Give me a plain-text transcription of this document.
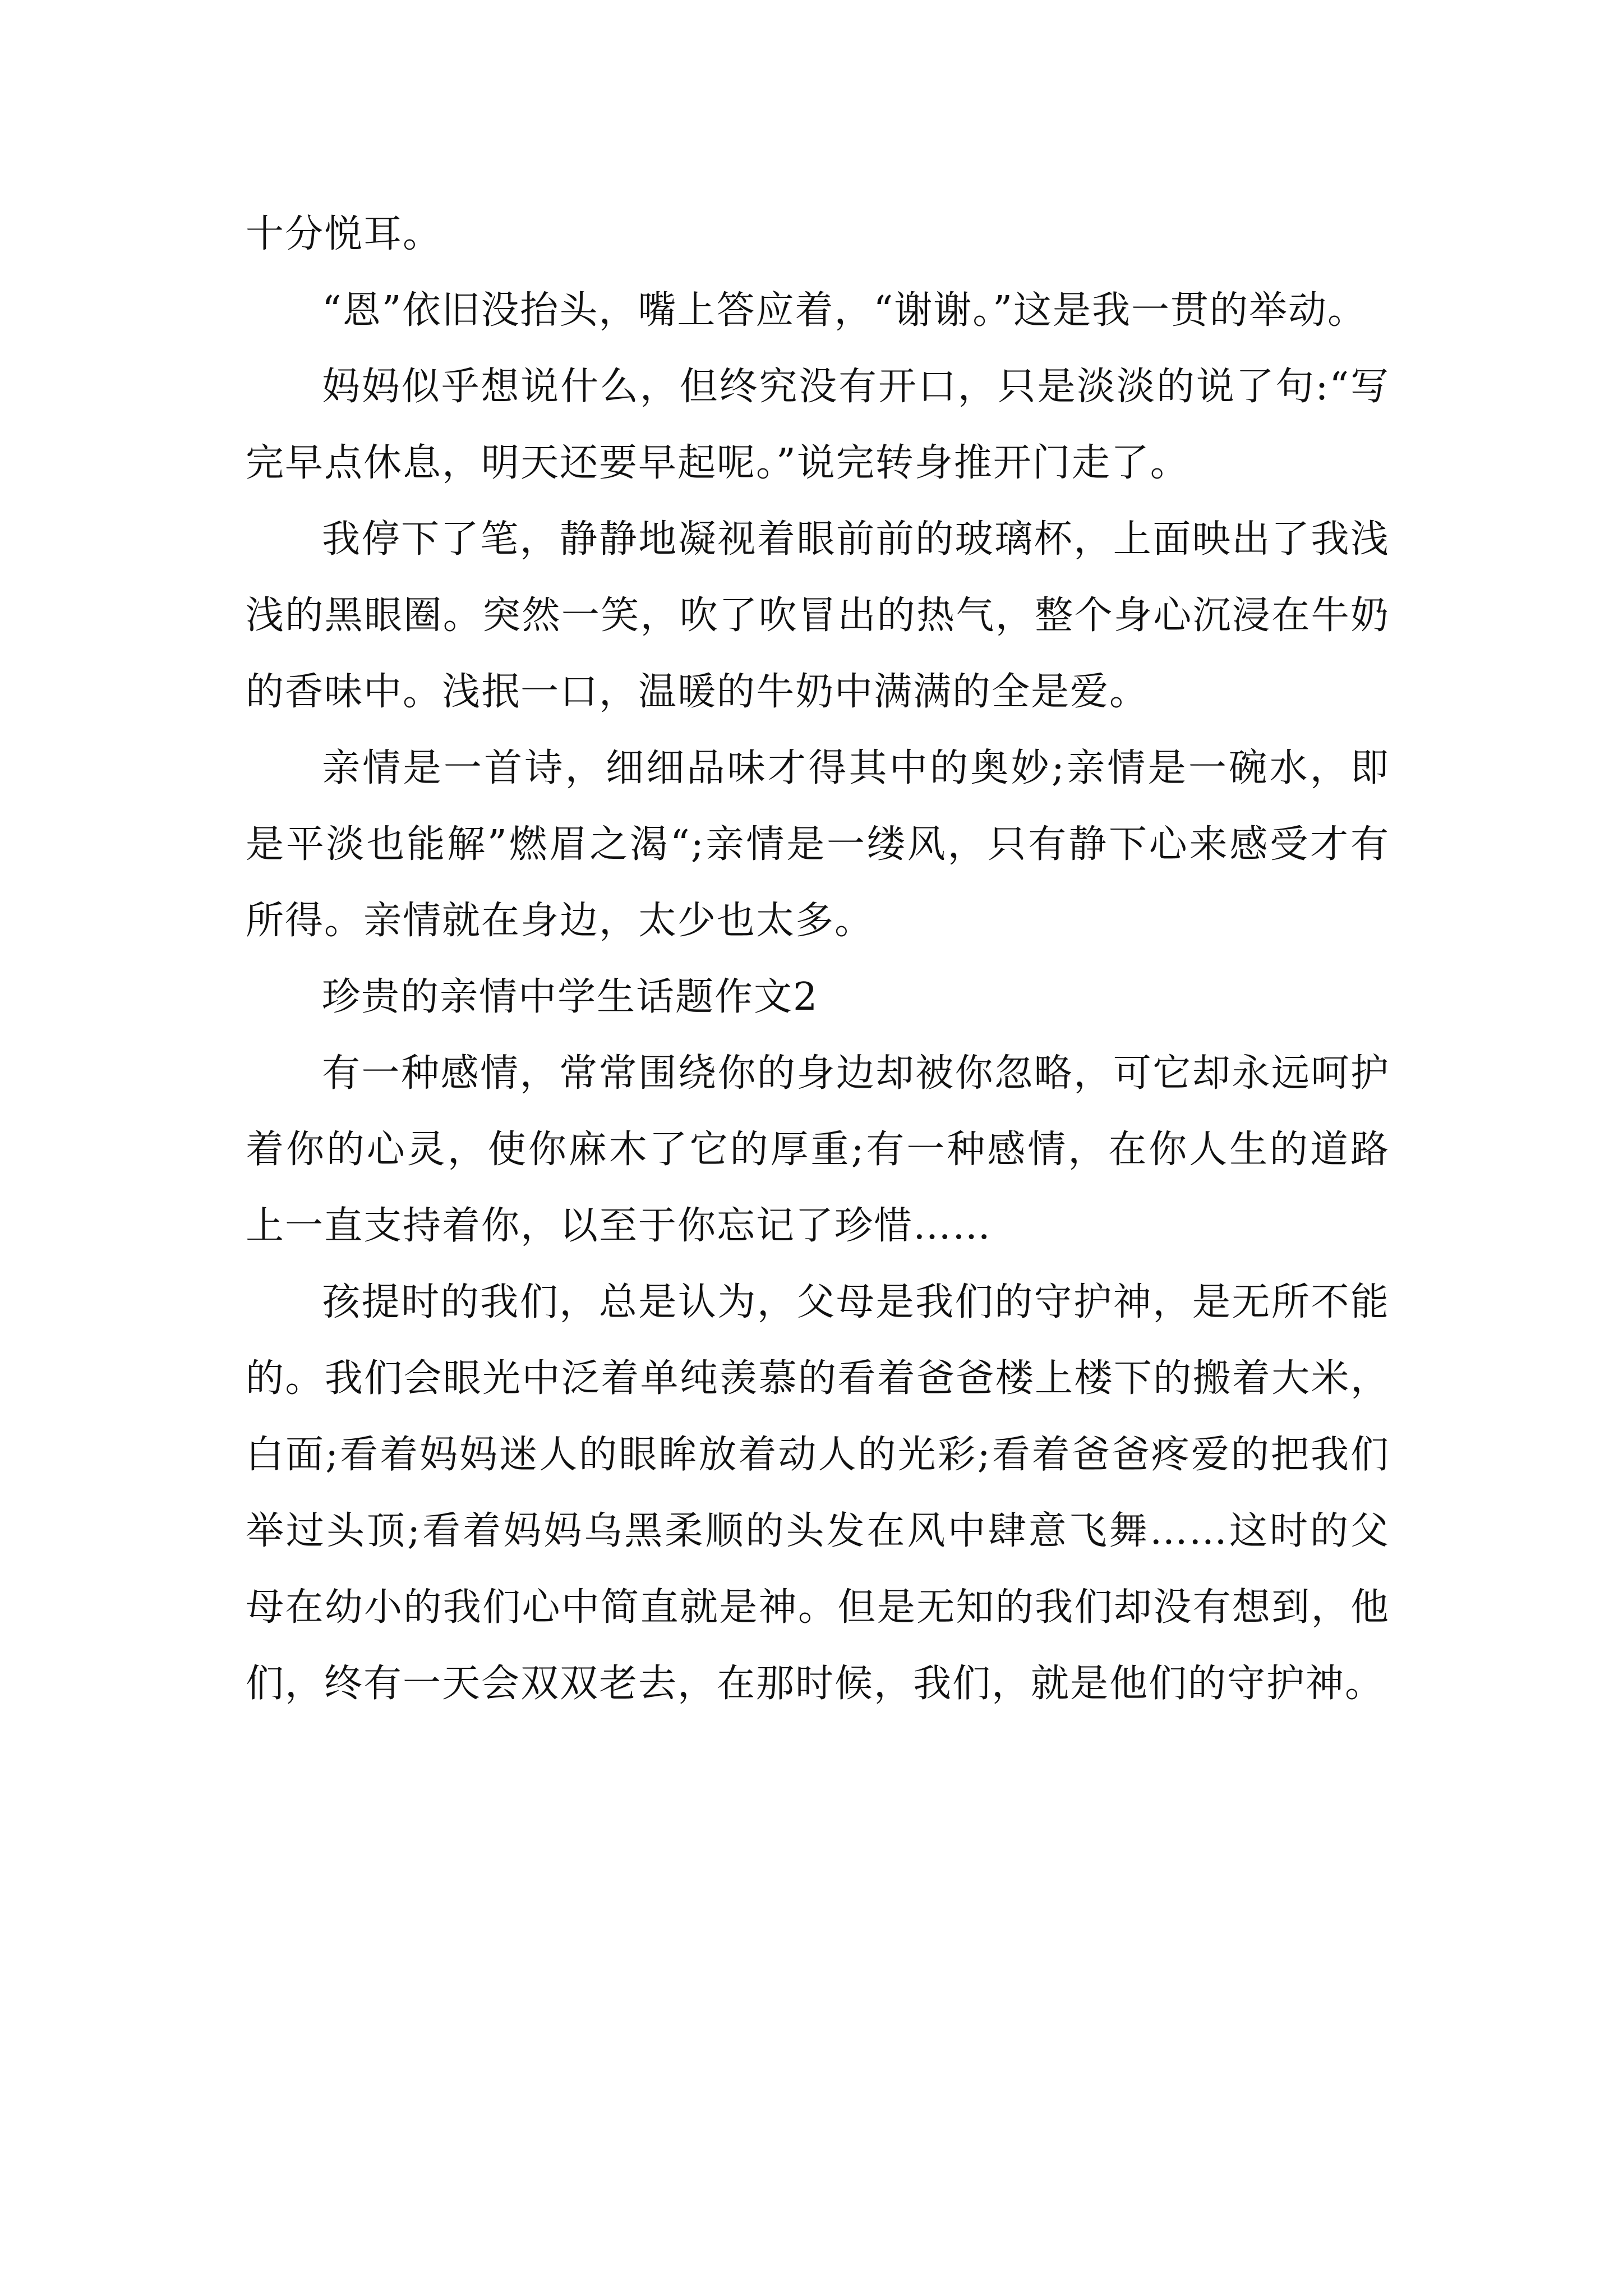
十分悦耳。

“恩”依旧没抬头，嘴上答应着，“谢谢。”这是我一贯的举动。

妈妈似乎想说什么，但终究没有开口，只是淡淡的说了句:“写完早点休息，明天还要早起呢。”说完转身推开门走了。

我停下了笔，静静地凝视着眼前前的玻璃杯，上面映出了我浅浅的黑眼圈。突然一笑，吹了吹冒出的热气，整个身心沉浸在牛奶的香味中。浅抿一口，温暖的牛奶中满满的全是爱。

亲情是一首诗，细细品味才得其中的奥妙;亲情是一碗水，即是平淡也能解”燃眉之渴“;亲情是一缕风，只有静下心来感受才有所得。亲情就在身边，太少也太多。

珍贵的亲情中学生话题作文2

有一种感情，常常围绕你的身边却被你忽略，可它却永远呵护着你的心灵，使你麻木了它的厚重;有一种感情，在你人生的道路上一直支持着你，以至于你忘记了珍惜……

孩提时的我们，总是认为，父母是我们的守护神，是无所不能的。我们会眼光中泛着单纯羡慕的看着爸爸楼上楼下的搬着大米，白面;看着妈妈迷人的眼眸放着动人的光彩;看着爸爸疼爱的把我们举过头顶;看着妈妈乌黑柔顺的头发在风中肆意飞舞……这时的父母在幼小的我们心中简直就是神。但是无知的我们却没有想到，他们，终有一天会双双老去，在那时候，我们，就是他们的守护神。
